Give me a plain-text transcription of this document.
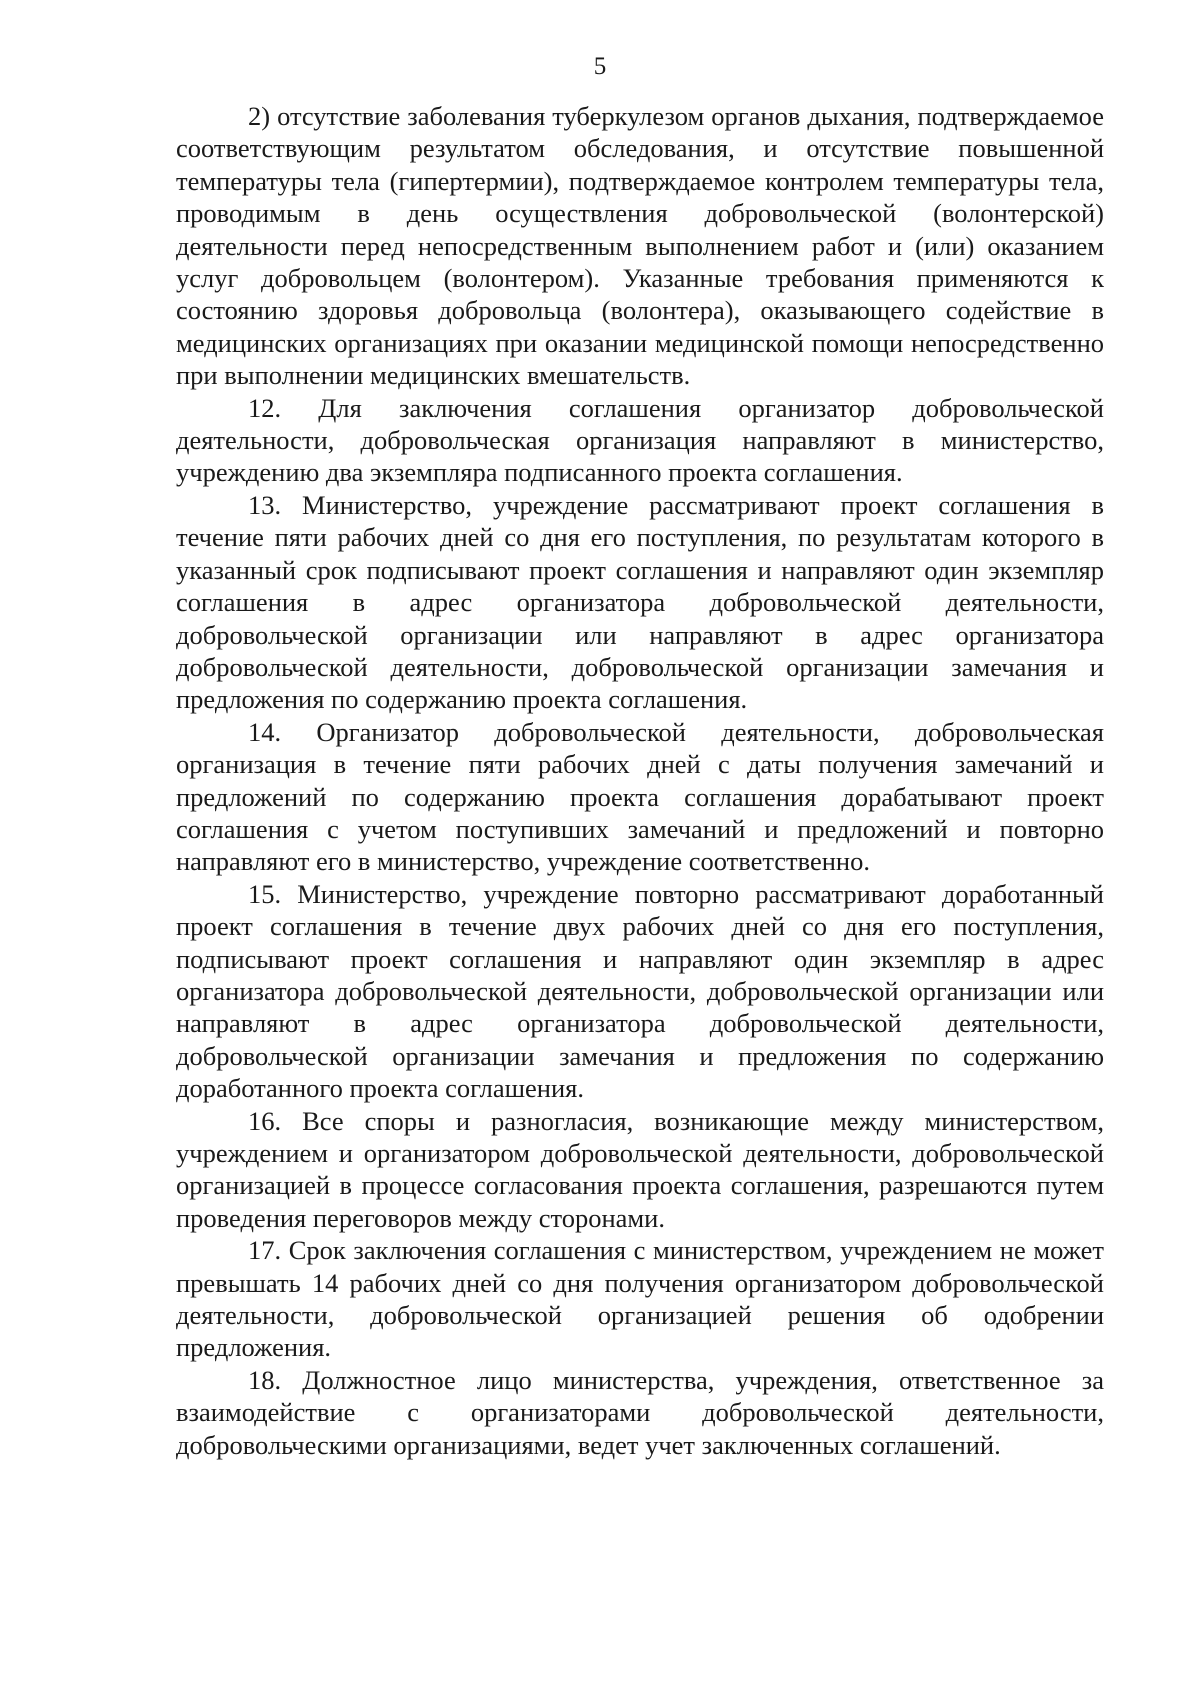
5

2) отсутствие заболевания туберкулезом органов дыхания, подтверждаемое соответствующим результатом обследования, и отсутствие повышенной температуры тела (гипертермии), подтверждаемое контролем температуры тела, проводимым в день осуществления добровольческой (волонтерской) деятельности перед непосредственным выполнением работ и (или) оказанием услуг добровольцем (волонтером). Указанные требования применяются к состоянию здоровья добровольца (волонтера), оказывающего содействие в медицинских организациях при оказании медицинской помощи непосредственно при выполнении медицинских вмешательств.

12. Для заключения соглашения организатор добровольческой деятельности, добровольческая организация направляют в министерство, учреждению два экземпляра подписанного проекта соглашения.

13. Министерство, учреждение рассматривают проект соглашения в течение пяти рабочих дней со дня его поступления, по результатам которого в указанный срок подписывают проект соглашения и направляют один экземпляр соглашения в адрес организатора добровольческой деятельности, добровольческой организации или направляют в адрес организатора добровольческой деятельности, добровольческой организации замечания и предложения по содержанию проекта соглашения.

14. Организатор добровольческой деятельности, добровольческая организация в течение пяти рабочих дней с даты получения замечаний и предложений по содержанию проекта соглашения дорабатывают проект соглашения с учетом поступивших замечаний и предложений и повторно направляют его в министерство, учреждение соответственно.

15. Министерство, учреждение повторно рассматривают доработанный проект соглашения в течение двух рабочих дней со дня его поступления, подписывают проект соглашения и направляют один экземпляр в адрес организатора добровольческой деятельности, добровольческой организации или направляют в адрес организатора добровольческой деятельности, добровольческой организации замечания и предложения по содержанию доработанного проекта соглашения.

16. Все споры и разногласия, возникающие между министерством, учреждением и организатором добровольческой деятельности, добровольческой организацией в процессе согласования проекта соглашения, разрешаются путем проведения переговоров между сторонами.

17. Срок заключения соглашения с министерством, учреждением не может превышать 14 рабочих дней со дня получения организатором добровольческой деятельности, добровольческой организацией решения об одобрении предложения.

18. Должностное лицо министерства, учреждения, ответственное за взаимодействие с организаторами добровольческой деятельности, добровольческими организациями, ведет учет заключенных соглашений.
